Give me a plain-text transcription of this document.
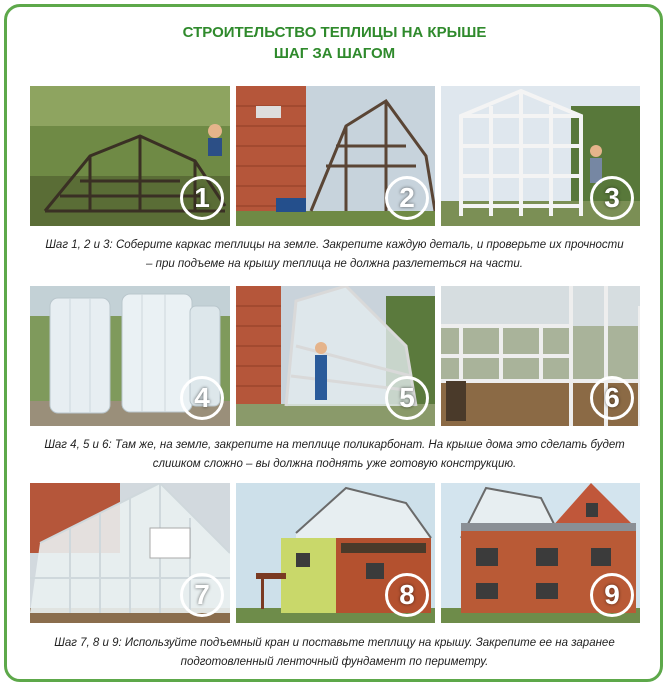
СТРОИТЕЛЬСТВО ТЕПЛИЦЫ НА КРЫШЕ
ШАГ ЗА ШАГОМ
1	2	3
Шаг 1, 2 и 3: Соберите каркас теплицы на земле. Закрепите каждую деталь, и проверьте их прочности
– при подъеме на крышу теплица не должна разлететься на части.
4	5	6
Шаг 4, 5 и 6: Там же, на земле, закрепите на теплице поликарбонат. На крыше дома это сделать будет
слишком сложно – вы должна поднять уже готовую конструкцию.
7	8	9
Шаг 7, 8 и 9: Используйте подъемный кран и поставьте теплицу на крышу. Закрепите ее на заранее
подготовленный ленточный фундамент по периметру.
